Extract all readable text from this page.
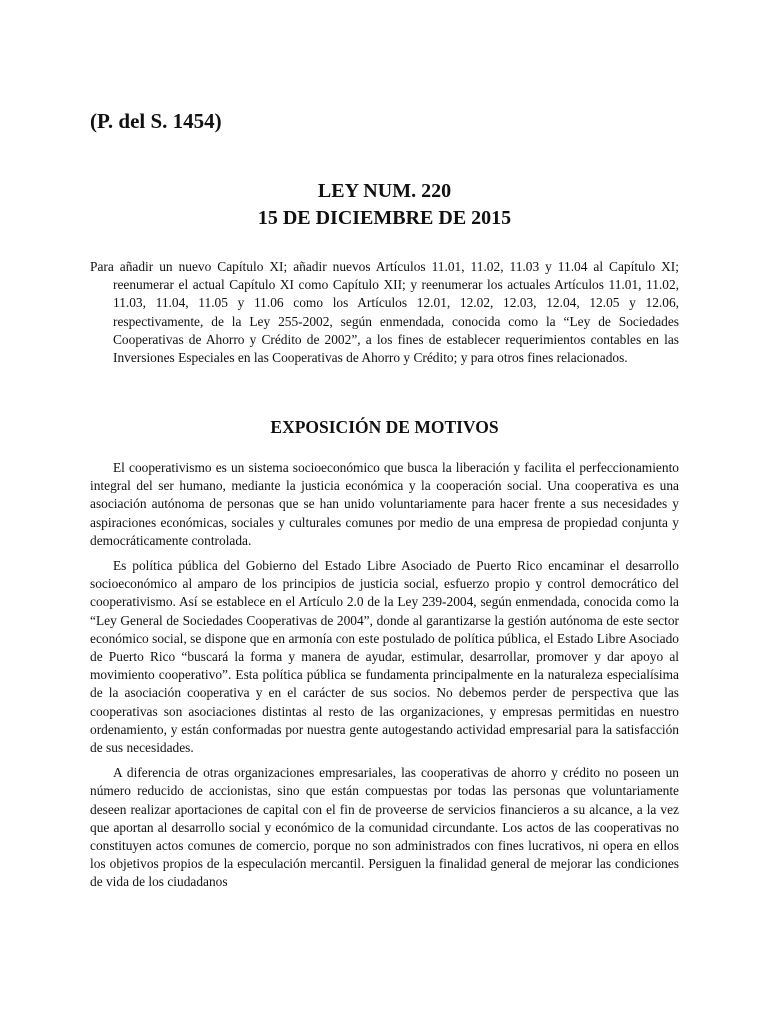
(P. del S. 1454)
LEY NUM. 220
15 DE DICIEMBRE DE 2015

Para añadir un nuevo Capítulo XI; añadir nuevos Artículos 11.01, 11.02, 11.03 y 11.04 al Capítulo XI; reenumerar el actual Capítulo XI como Capítulo XII; y reenumerar los actuales Artículos 11.01, 11.02, 11.03, 11.04, 11.05 y 11.06 como los Artículos 12.01, 12.02, 12.03, 12.04, 12.05 y 12.06, respectivamente, de la Ley 255-2002, según enmendada, conocida como la “Ley de Sociedades Cooperativas de Ahorro y Crédito de 2002”, a los fines de establecer requerimientos contables en las Inversiones Especiales en las Cooperativas de Ahorro y Crédito; y para otros fines relacionados.

EXPOSICIÓN DE MOTIVOS

El cooperativismo es un sistema socioeconómico que busca la liberación y facilita el perfeccionamiento integral del ser humano, mediante la justicia económica y la cooperación social. Una cooperativa es una asociación autónoma de personas que se han unido voluntariamente para hacer frente a sus necesidades y aspiraciones económicas, sociales y culturales comunes por medio de una empresa de propiedad conjunta y democráticamente controlada.

Es política pública del Gobierno del Estado Libre Asociado de Puerto Rico encaminar el desarrollo socioeconómico al amparo de los principios de justicia social, esfuerzo propio y control democrático del cooperativismo. Así se establece en el Artículo 2.0 de la Ley 239-2004, según enmendada, conocida como la “Ley General de Sociedades Cooperativas de 2004”, donde al garantizarse la gestión autónoma de este sector económico social, se dispone que en armonía con este postulado de política pública, el Estado Libre Asociado de Puerto Rico “buscará la forma y manera de ayudar, estimular, desarrollar, promover y dar apoyo al movimiento cooperativo”. Esta política pública se fundamenta principalmente en la naturaleza especialísima de la asociación cooperativa y en el carácter de sus socios. No debemos perder de perspectiva que las cooperativas son asociaciones distintas al resto de las organizaciones, y empresas permitidas en nuestro ordenamiento, y están conformadas por nuestra gente autogestando actividad empresarial para la satisfacción de sus necesidades.

A diferencia de otras organizaciones empresariales, las cooperativas de ahorro y crédito no poseen un número reducido de accionistas, sino que están compuestas por todas las personas que voluntariamente deseen realizar aportaciones de capital con el fin de proveerse de servicios financieros a su alcance, a la vez que aportan al desarrollo social y económico de la comunidad circundante. Los actos de las cooperativas no constituyen actos comunes de comercio, porque no son administrados con fines lucrativos, ni opera en ellos los objetivos propios de la especulación mercantil. Persiguen la finalidad general de mejorar las condiciones de vida de los ciudadanos
